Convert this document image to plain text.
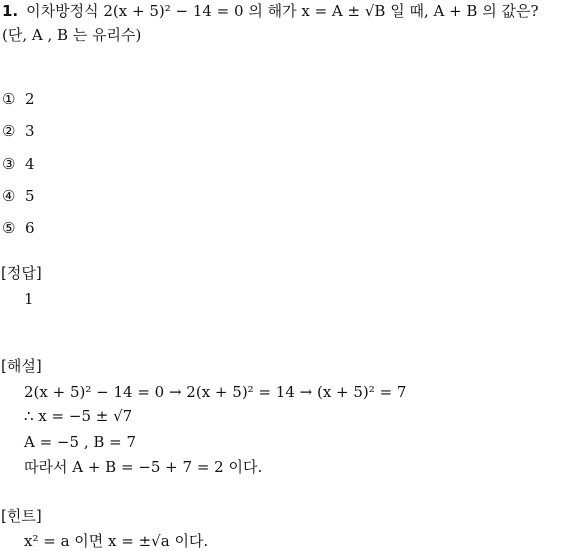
1. 이차방정식 2(x + 5)² − 14 = 0 의 해가 x = A ± √B 일 때, A + B 의 값은?
(단, A , B 는 유리수)
① 2
② 3
③ 4
④ 5
⑤ 6
[정답]
1
[해설]
2(x + 5)² − 14 = 0 → 2(x + 5)² = 14 → (x + 5)² = 7
∴ x = −5 ± √7
A = −5 , B = 7
따라서 A + B = −5 + 7 = 2 이다.
[힌트]
x² = a 이면 x = ±√a 이다.
